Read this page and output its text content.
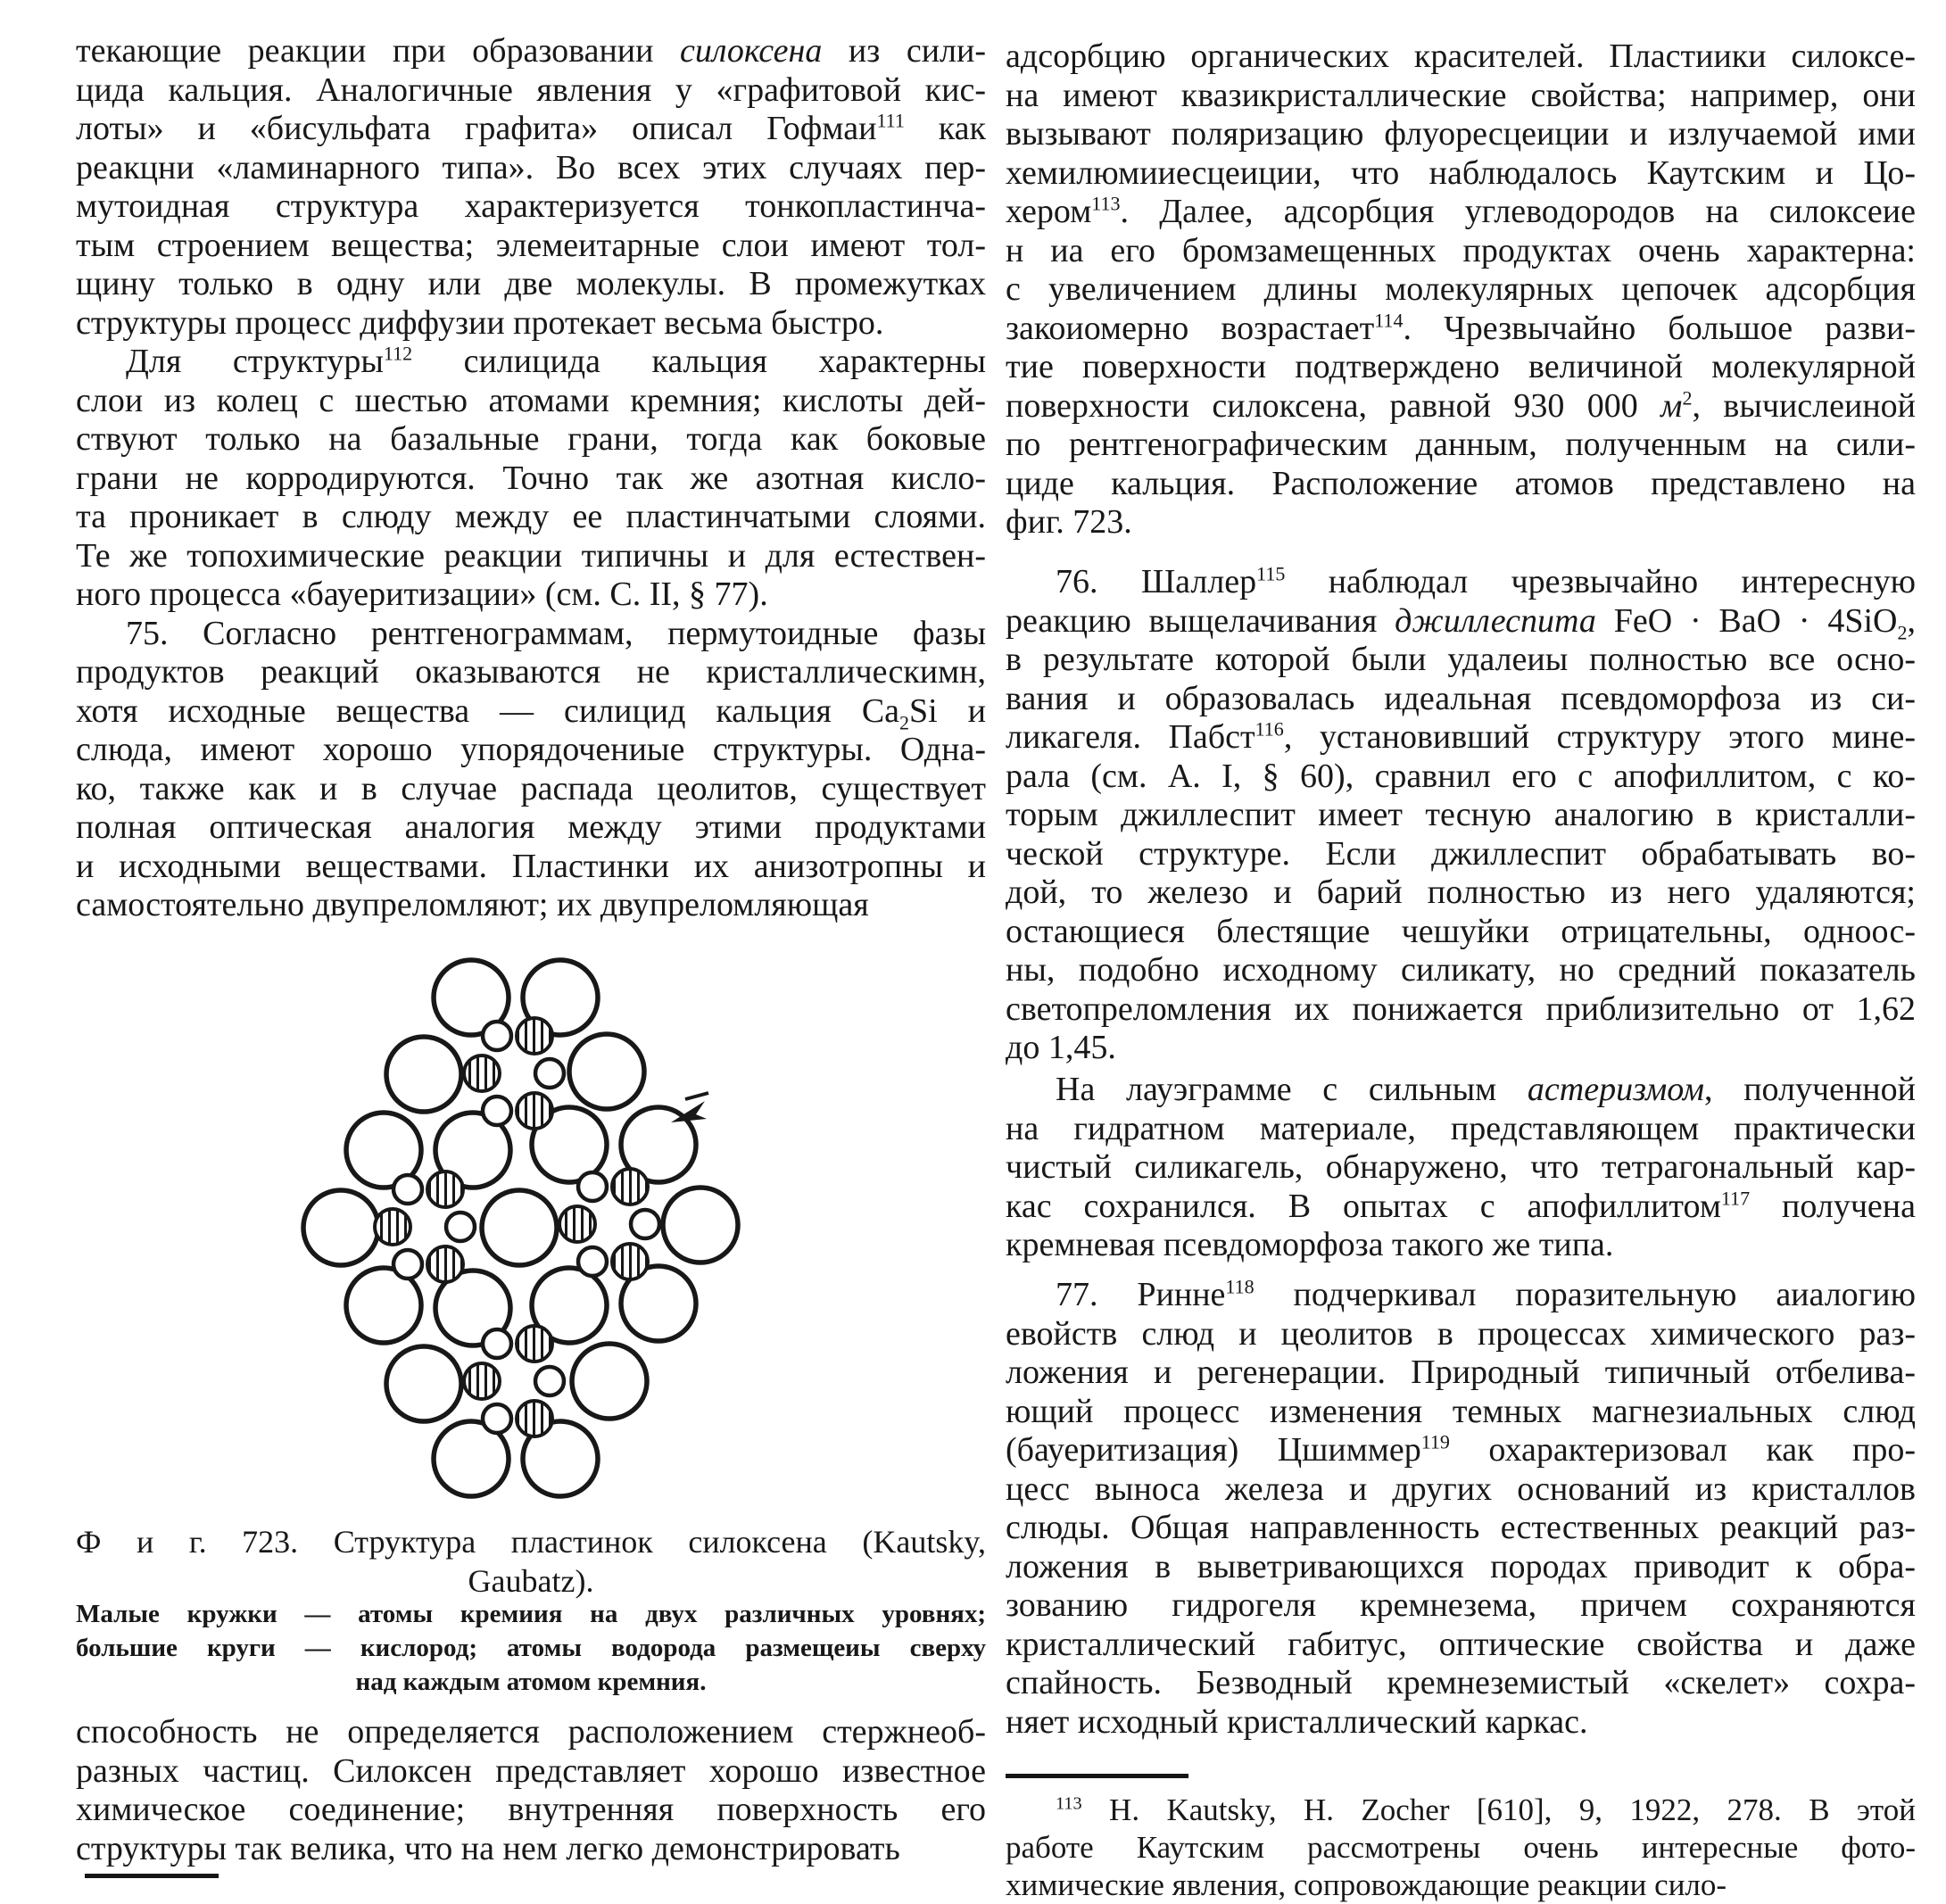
текающие реакции при образовании силоксена из сили-
цида кальция. Аналогичные явления у «графитовой кис-
лоты» и «бисульфата графита» описал Гофмаи$^{111}$ как
реакцни «ламинарного типа». Во всех этих случаях пер-
мутоидная структура характеризуется тонкопластинча-
тым строением вещества; элемеитарные слои имеют тол-
щину только в одну или две молекулы. В промежутках
структуры процесс диффузии протекает весьма быстро.
Для структуры$^{112}$ силицида кальция характерны
слои из колец с шестью атомами кремния; кислоты дей-
ствуют только на базальные грани, тогда как боковые
грани не корродируются. Точно так же азотная кисло-
та проникает в слюду между ее пластинчатыми слоями.
Те же топохимические реакции типичны и для естествен-
ного процесса «бауеритизации» (см. С. II, § 77).
75. Согласно рентгенограммам, пермутоидные фазы
продуктов реакций оказываются не кристаллическимн,
хотя исходные вещества — силицид кальция $Ca_2Si$ и
слюда, имеют хорошо упорядочениые структуры. Одна-
ко, также как и в случае распада цеолитов, существует
полная оптическая аналогия между этими продуктами
и исходными веществами. Пластинки их анизотропны и
самостоятельно двупреломляют; их двупреломляющая
Ф и г. 723. Структура пластинок силоксена (Kautsky,
Gaubatz).
Малые кружки — атомы кремиия на двух различных уровнях;
большие круги — кислород; атомы водорода размещеиы сверху
над каждым атомом кремния.
способность не определяется расположением стержнеоб-
разных частиц. Силоксен представляет хорошо известное
химическое соединение; внутренняя поверхность его
структуры так велика, что на нем легко демонстрировать
адсорбцию органических красителей. Пластиики силоксе-
на имеют квазикристаллические свойства; например, они
вызывают поляризацию флуоресцеиции и излучаемой ими
хемилюмииесцеиции, что наблюдалось Каутским и Цо-
хером$^{113}$. Далее, адсорбция углеводородов на силоксеие
н иа его бромзамещенных продуктах очень характерна:
с увеличением длины молекулярных цепочек адсорбция
закоиомерно возрастает$^{114}$. Чрезвычайно большое разви-
тие поверхности подтверждено величиной молекулярной
поверхности силоксена, равной 930 000 $м^2$, вычислеиной
по рентгенографическим данным, полученным на сили-
циде кальция. Расположение атомов представлено на
фиг. 723.
76. Шаллер$^{115}$ наблюдал чрезвычайно интересную
реакцию выщелачивания джиллеспита FeO · BaO · 4SiO$_2$,
в результате которой были удалеиы полностью все осно-
вания и образовалась идеальная псевдоморфоза из си-
ликагеля. Пабст$^{116}$, установивший структуру этого мине-
рала (см. А. I, § 60), сравнил его с апофиллитом, с ко-
торым джиллеспит имеет тесную аналогию в кристалли-
ческой структуре. Если джиллеспит обрабатывать во-
дой, то железо и барий полностью из него удаляются;
остающиеся блестящие чешуйки отрицательны, одноос-
ны, подобно исходному силикату, но средний показатель
светопреломления их понижается приблизительно от 1,62
до 1,45.
На лауэграмме с сильным астеризмом, полученной
на гидратном материале, представляющем практически
чистый силикагель, обнаружено, что тетрагональный кар-
кас сохранился. В опытах с апофиллитом$^{117}$ получена
кремневая псевдоморфоза такого же типа.
77. Ринне$^{118}$ подчеркивал поразительную аиалогию
евойств слюд и цеолитов в процессах химического раз-
ложения и регенерации. Природный типичный отбелива-
ющий процесс изменения темных магнезиальных слюд
(бауеритизация) Цшиммер$^{119}$ охарактеризовал как про-
цесс выноса железа и других оснований из кристаллов
слюды. Общая направленность естественных реакций раз-
ложения в выветривающихся породах приводит к обра-
зованию гидрогеля кремнезема, причем сохраняются
кристаллический габитус, оптические свойства и даже
спайность. Безводный кремнеземистый «скелет» сохра-
няет исходный кристаллический каркас.
$^{113}$ H. Kautsky, H. Zocher [610], 9, 1922, 278. В этой
работе Каутским рассмотрены очень интересные фото-
химические явления, сопровождающие реакции сило-
